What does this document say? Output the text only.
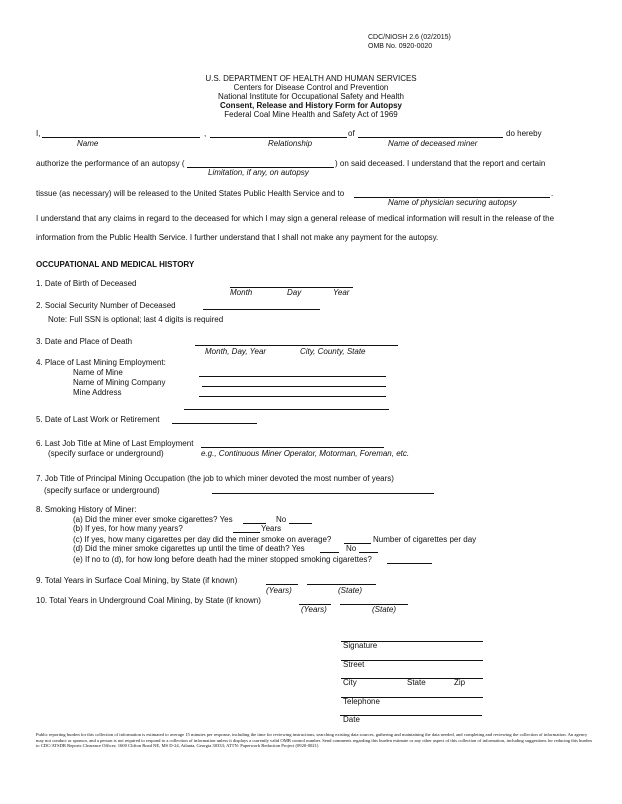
CDC/NIOSH 2.6 (02/2015)
OMB No. 0920-0020
U.S. DEPARTMENT OF HEALTH AND HUMAN SERVICES
Centers for Disease Control and Prevention
National Institute for Occupational Safety and Health
Consent, Release and History Form for Autopsy
Federal Coal Mine Health and Safety Act of 1969
I,	,	of	do hereby
Name	Relationship	Name of deceased miner
authorize the performance of an autopsy (	) on said deceased. I understand that the report and certain
Limitation, if any, on autopsy
tissue (as necessary) will be released to the United States Public Health Service and to	.
Name of physician securing autopsy
I understand that any claims in regard to the deceased for which I may sign a general release of medical information will result in the release of the
information from the Public Health Service. I further understand that I shall not make any payment for the autopsy.
OCCUPATIONAL AND MEDICAL HISTORY
1. Date of Birth of Deceased
Month	Day	Year
2. Social Security Number of Deceased
Note: Full SSN is optional; last 4 digits is required
3. Date and Place of Death
Month, Day, Year	City, County, State
4. Place of Last Mining Employment:
Name of Mine
Name of Mining Company
Mine Address
5. Date of Last Work or Retirement
6. Last Job Title at Mine of Last Employment
(specify surface or underground)	e.g., Continuous Miner Operator, Motorman, Foreman, etc.
7. Job Title of Principal Mining Occupation (the job to which miner devoted the most number of years)
(specify surface or underground)
8. Smoking History of Miner:
(a) Did the miner ever smoke cigarettes? Yes	No
(b) If yes, for how many years?	Years
(c) If yes, how many cigarettes per day did the miner smoke on average?	Number of cigarettes per day
(d) Did the miner smoke cigarettes up until the time of death? Yes	No
(e) If no to (d), for how long before death had the miner stopped smoking cigarettes?
9. Total Years in Surface Coal Mining, by State (if known)
(Years)	(State)
10. Total Years in Underground Coal Mining, by State (if known)
(Years)	(State)
Signature
Street
City	State	Zip
Telephone
Date
Public reporting burden for this collection of information is estimated to average 15 minutes per response, including the time for reviewing instructions, searching existing data sources, gathering and maintaining the data needed, and completing and reviewing the collection of information. An agency may not conduct or sponsor, and a person is not required to respond to a collection of information unless it displays a currently valid OMB control number. Send comments regarding this burden estimate or any other aspect of this collection of information, including suggestions for reducing this burden to CDC/ATSDR Reports Clearance Officer; 1600 Clifton Road NE, MS D-24, Atlanta, Georgia 30333; ATTN: Paperwork Reduction Project (0920-0021)
